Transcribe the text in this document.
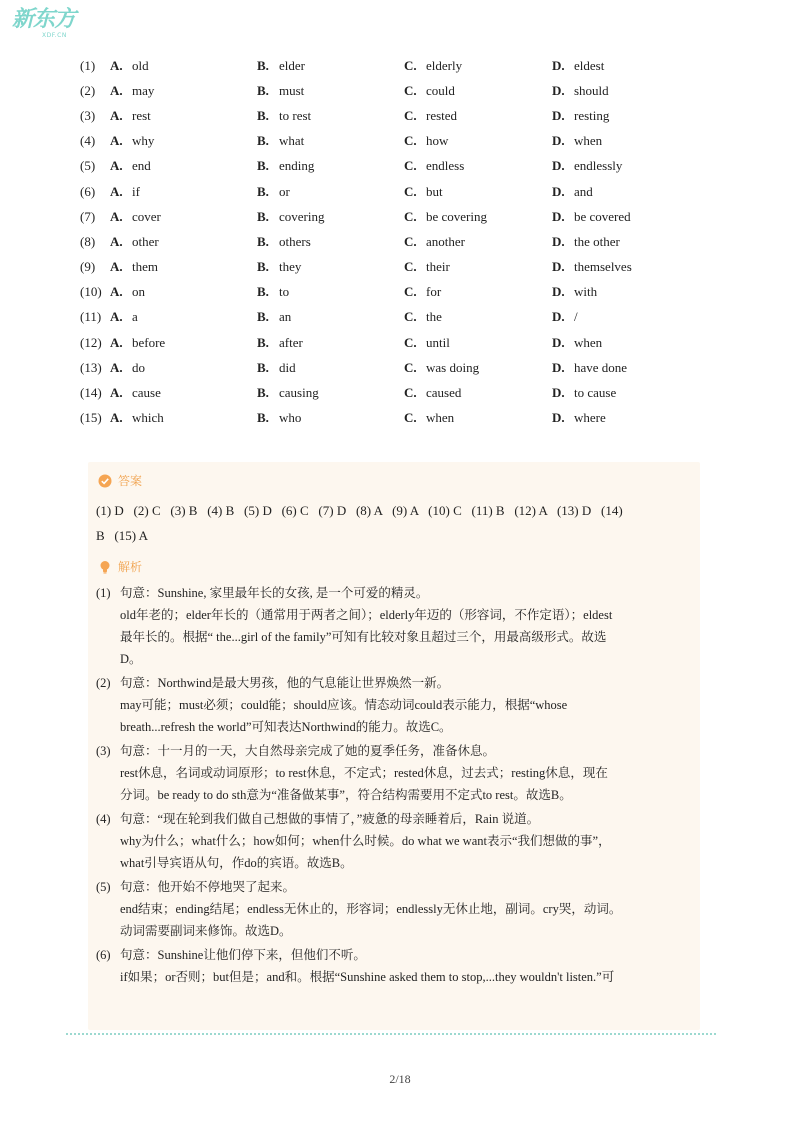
新东方
XDF.CN
(1)	A. old	B. elder	C. elderly	D. eldest
(2)	A. may	B. must	C. could	D. should
(3)	A. rest	B. to rest	C. rested	D. resting
(4)	A. why	B. what	C. how	D. when
(5)	A. end	B. ending	C. endless	D. endlessly
(6)	A. if	B. or	C. but	D. and
(7)	A. cover	B. covering	C. be covering	D. be covered
(8)	A. other	B. others	C. another	D. the other
(9)	A. them	B. they	C. their	D. themselves
(10) A. on	B. to	C. for	D. with
(11) A. a	B. an	C. the	D. /
(12) A. before	B. after	C. until	D. when
(13) A. do	B. did	C. was doing	D. have done
(14) A. cause	B. causing	C. caused	D. to cause
(15) A. which	B. who	C. when	D. where
答案
(1) D   (2) C   (3) B   (4) B   (5) D   (6) C   (7) D   (8) A   (9) A   (10) C   (11) B   (12) A   (13) D   (14)
B   (15) A
解析
(1) 句意：Sunshine, 家里最年长的女孩, 是一个可爱的精灵。
old年老的；elder年长的（通常用于两者之间）；elderly年迈的（形容词，不作定语）；eldest
最年长的。根据“ the...girl of the family”可知有比较对象且超过三个，用最高级形式。故选
D。
(2) 句意：Northwind是最大男孩，他的气息能让世界焕然一新。
may可能；must必须；could能；should应该。情态动词could表示能力，根据“whose
breath...refresh the world”可知表达Northwind的能力。故选C。
(3) 句意：十一月的一天，大自然母亲完成了她的夏季任务，准备休息。
rest休息，名词或动词原形；to rest休息，不定式；rested休息，过去式；resting休息，现在
分词。be ready to do sth意为“准备做某事”，符合结构需要用不定式to rest。故选B。
(4) 句意：“现在轮到我们做自己想做的事情了，”疲惫的母亲睡着后，Rain 说道。
why为什么；what什么；how如何；when什么时候。do what we want表示“我们想做的事”，
what引导宾语从句，作do的宾语。故选B。
(5) 句意：他开始不停地哭了起来。
end结束；ending结尾；endless无休止的，形容词；endlessly无休止地，副词。cry哭，动词。
动词需要副词来修饰。故选D。
(6) 句意：Sunshine让他们停下来，但他们不听。
if如果；or否则；but但是；and和。根据“Sunshine asked them to stop,...they wouldn't listen.”可
2/18
